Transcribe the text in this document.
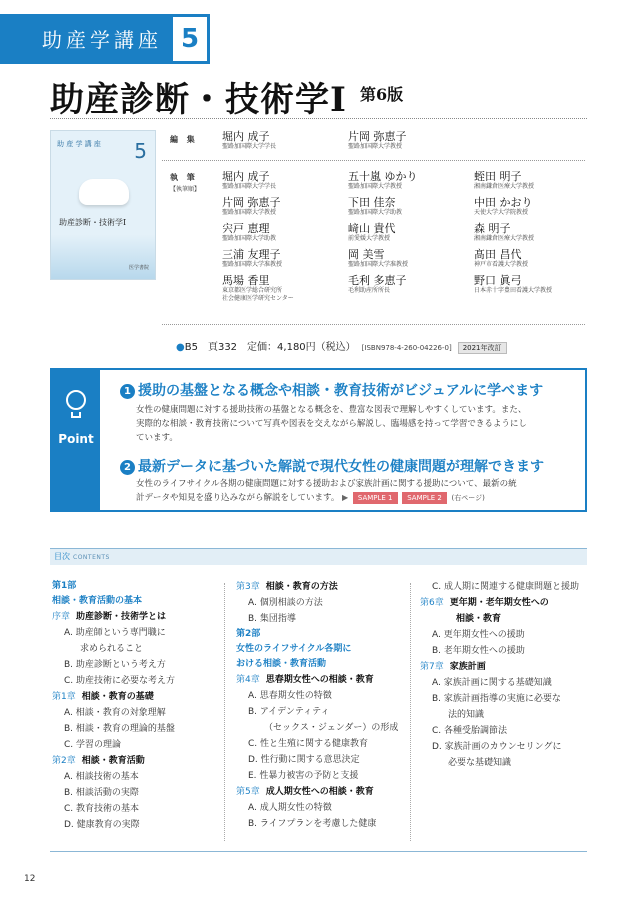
助産学講座 5
助産診断・技術学Ⅰ 第6版
助 産 学 講 座 5
助産診断・技術学Ⅰ
医学書院
編 集 堀内 成子
聖路加国際大学学長
片岡 弥恵子
聖路加国際大学教授
執 筆
【執筆順】
堀内 成子
聖路加国際大学学長
五十嵐 ゆかり
聖路加国際大学教授
蛭田 明子
湘南鎌倉医療大学教授
片岡 弥恵子
聖路加国際大学教授
下田 佳奈
聖路加国際大学助教
中田 かおり
天使大学大学院教授
宍戸 恵理
聖路加国際大学助教
﨑山 貴代
前愛媛大学教授
森 明子
湘南鎌倉医療大学教授
三浦 友理子
聖路加国際大学准教授
岡 美雪
聖路加国際大学准教授
髙田 昌代
神戸市看護大学教授
馬場 香里
東京都医学総合研究所
社会健康医学研究センター
毛利 多恵子
毛利助産所所長
野口 眞弓
日本赤十字豊田看護大学教授
●B5　頁332　定価：4,180円（税込） [ISBN978-4-260-04226-0] 2021年改訂
Point
1 援助の基盤となる概念や相談・教育技術がビジュアルに学べます
女性の健康問題に対する援助技術の基盤となる概念を、豊富な図表で理解しやすくしています。また、
実際的な相談・教育技術について写真や図表を交えながら解説し、臨場感を持って学習できるようにし
ています。
2 最新データに基づいた解説で現代女性の健康問題が理解できます
女性のライフサイクル各期の健康問題に対する援助および家族計画に関する援助について、最新の統
計データや知見を盛り込みながら解説をしています。 ▶ SAMPLE 1 SAMPLE 2 (右ページ)
目次 CONTENTS
第1部
相談・教育活動の基本
序章 助産診断・技術学とは
A. 助産師という専門職に
求められること
B. 助産診断という考え方
C. 助産技術に必要な考え方
第1章 相談・教育の基礎
A. 相談・教育の対象理解
B. 相談・教育の理論的基盤
C. 学習の理論
第2章 相談・教育活動
A. 相談技術の基本
B. 相談活動の実際
C. 教育技術の基本
D. 健康教育の実際
第3章 相談・教育の方法
A. 個別相談の方法
B. 集団指導
第2部
女性のライフサイクル各期に
おける相談・教育活動
第4章 思春期女性への相談・教育
A. 思春期女性の特徴
B. アイデンティティ
（セックス・ジェンダー）の形成
C. 性と生殖に関する健康教育
D. 性行動に関する意思決定
E. 性暴力被害の予防と支援
第5章 成人期女性への相談・教育
A. 成人期女性の特徴
B. ライフプランを考慮した健康
C. 成人期に関連する健康問題と援助
第6章 更年期・老年期女性への
相談・教育
A. 更年期女性への援助
B. 老年期女性への援助
第7章 家族計画
A. 家族計画に関する基礎知識
B. 家族計画指導の実施に必要な
法的知識
C. 各種受胎調節法
D. 家族計画のカウンセリングに
必要な基礎知識
12
